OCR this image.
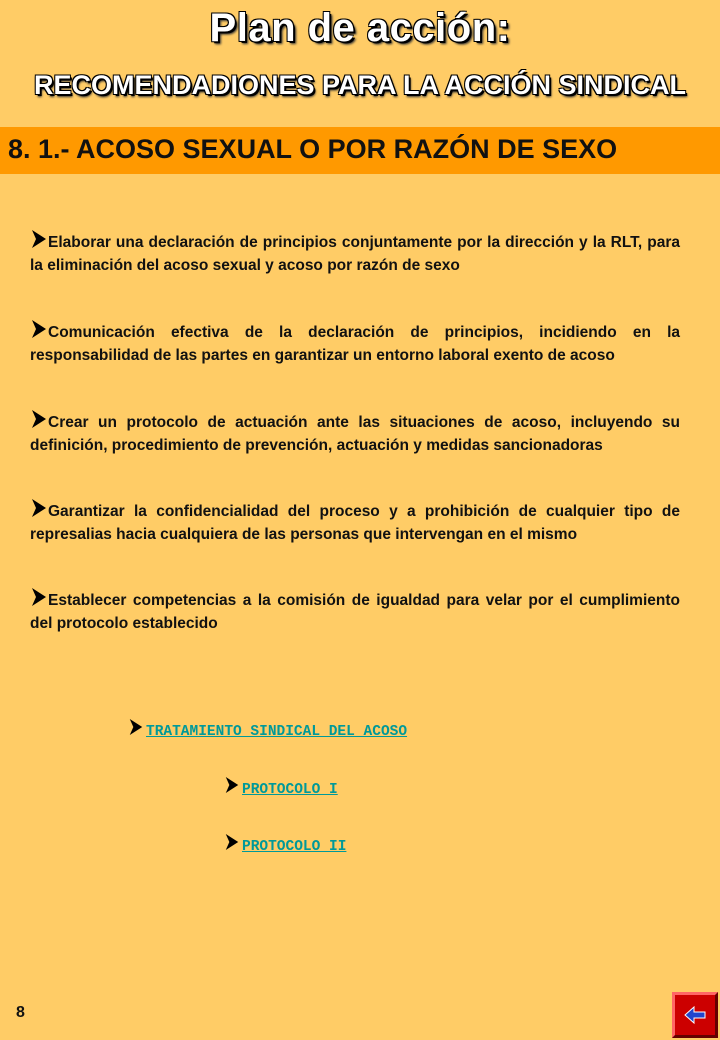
Plan de acción:
RECOMENDADIONES PARA LA ACCIÓN SINDICAL
8. 1.- ACOSO SEXUAL O POR RAZÓN DE SEXO
Elaborar una declaración de principios conjuntamente por la dirección y la RLT, para la eliminación del acoso sexual y acoso por razón de sexo
Comunicación efectiva de la declaración de principios, incidiendo en la responsabilidad de las partes en garantizar un entorno laboral exento de acoso
Crear un protocolo de actuación ante las situaciones de acoso, incluyendo su definición, procedimiento de prevención, actuación y medidas sancionadoras
Garantizar la confidencialidad del proceso y a prohibición de cualquier tipo de represalias hacia cualquiera de las personas que intervengan en el mismo
Establecer competencias a la comisión de igualdad para velar por el cumplimiento del protocolo establecido
TRATAMIENTO SINDICAL DEL ACOSO
PROTOCOLO I
PROTOCOLO II
8
